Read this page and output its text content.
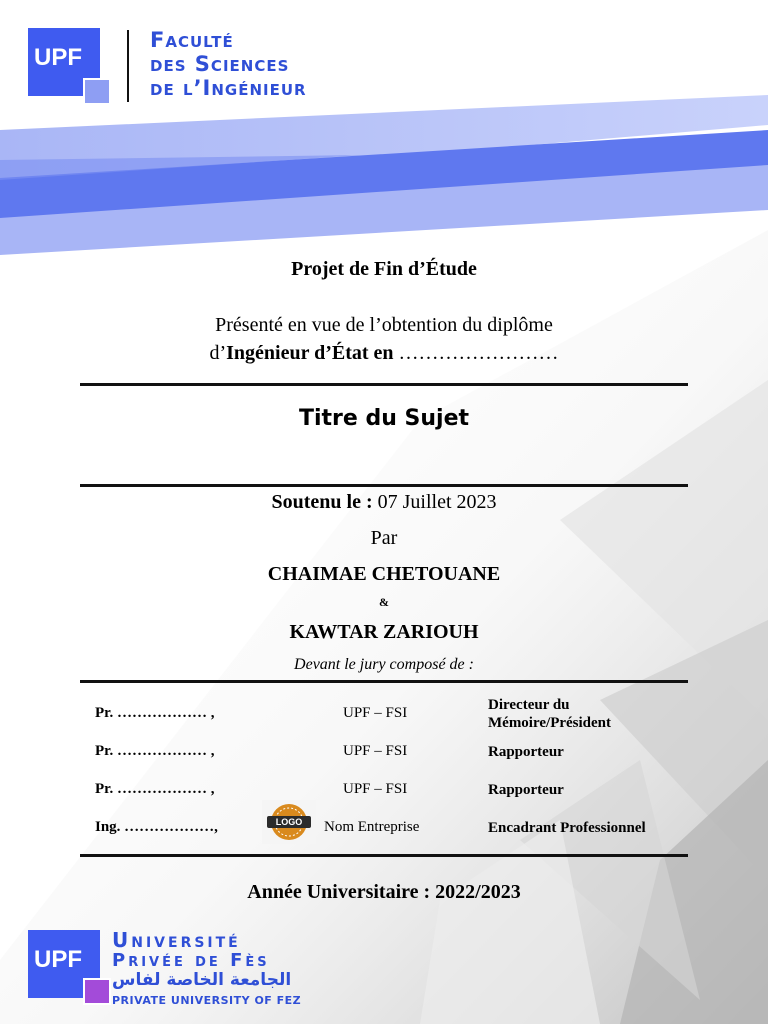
UPF
Faculté
des Sciences
de l’Ingénieur
Projet de Fin d’Étude
Présenté en vue de l’obtention du diplôme
d’Ingénieur d’État en ……………………
Titre du Sujet
Soutenu le : 07 Juillet 2023
Par
CHAIMAE CHETOUANE
&
KAWTAR ZARIOUH
Devant le jury composé de :
Pr. ……………… ,	UPF – FSI	Directeur du
Mémoire/Président
Pr. ……………… ,	UPF – FSI	Rapporteur
Pr. ……………… ,	UPF – FSI	Rapporteur
Ing. ………………,	LOGO	Nom Entreprise	Encadrant Professionnel
Année Universitaire : 2022/2023
UPF
Université
Privée de Fès
الجامعة الخاصة لفاس
PRIVATE UNIVERSITY OF FEZ
